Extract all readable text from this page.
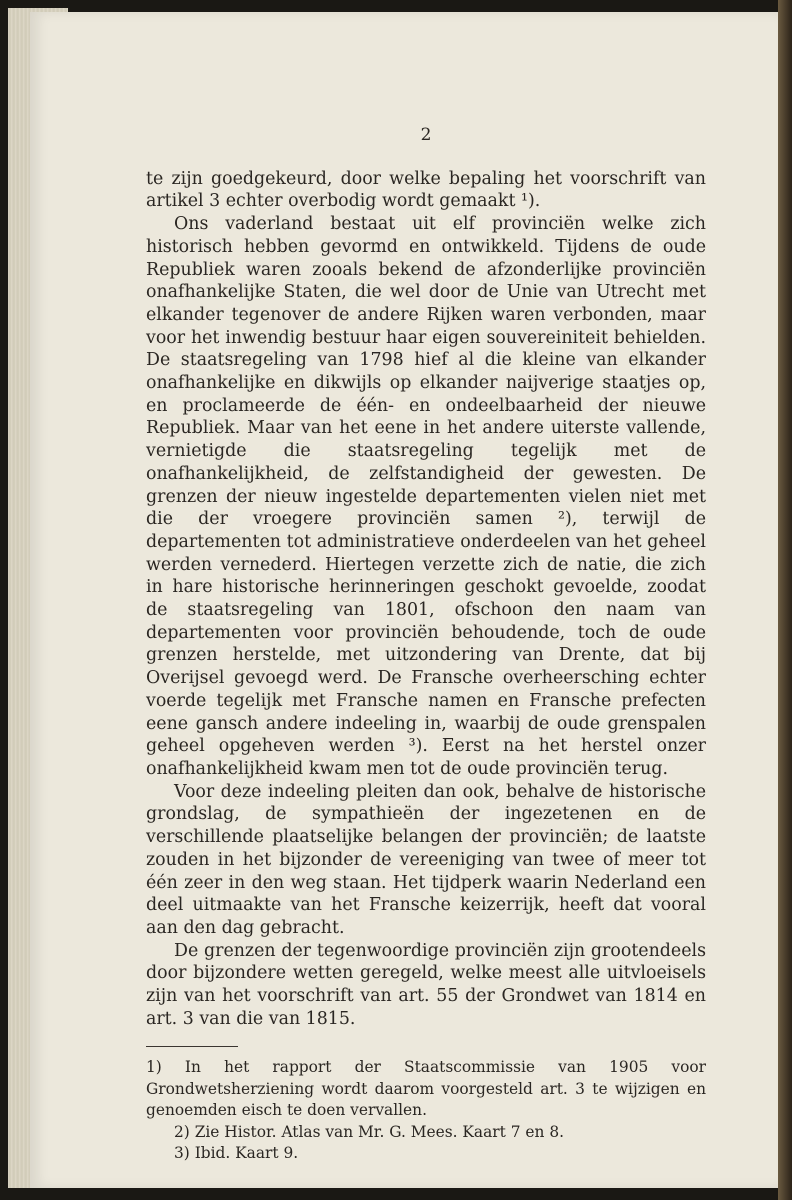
2

te zijn goedgekeurd, door welke bepaling het voorschrift van artikel 3 echter overbodig wordt gemaakt ¹).

Ons vaderland bestaat uit elf provinciën welke zich historisch hebben gevormd en ontwikkeld. Tijdens de oude Republiek waren zooals bekend de afzonderlijke provinciën onafhankelijke Staten, die wel door de Unie van Utrecht met elkander tegenover de andere Rijken waren verbonden, maar voor het inwendig bestuur haar eigen souvereiniteit behielden. De staatsregeling van 1798 hief al die kleine van elkander onafhankelijke en dikwijls op elkander naijverige staatjes op, en proclameerde de één- en ondeelbaarheid der nieuwe Republiek. Maar van het eene in het andere uiterste vallende, vernietigde die staatsregeling tegelijk met de onafhankelijkheid, de zelfstandigheid der gewesten. De grenzen der nieuw ingestelde departementen vielen niet met die der vroegere provinciën samen ²), terwijl de departementen tot administratieve onderdeelen van het geheel werden vernederd. Hiertegen verzette zich de natie, die zich in hare historische herinneringen geschokt gevoelde, zoodat de staatsregeling van 1801, ofschoon den naam van departementen voor provinciën behoudende, toch de oude grenzen herstelde, met uitzondering van Drente, dat bij Overijsel gevoegd werd. De Fransche overheersching echter voerde tegelijk met Fransche namen en Fransche prefecten eene gansch andere indeeling in, waarbij de oude grenspalen geheel opgeheven werden ³). Eerst na het herstel onzer onafhankelijkheid kwam men tot de oude provinciën terug.

Voor deze indeeling pleiten dan ook, behalve de historische grondslag, de sympathieën der ingezetenen en de verschillende plaatselijke belangen der provinciën; de laatste zouden in het bijzonder de vereeniging van twee of meer tot één zeer in den weg staan. Het tijdperk waarin Nederland een deel uitmaakte van het Fransche keizerrijk, heeft dat vooral aan den dag gebracht.

De grenzen der tegenwoordige provinciën zijn grootendeels door bijzondere wetten geregeld, welke meest alle uitvloeisels zijn van het voorschrift van art. 55 der Grondwet van 1814 en art. 3 van die van 1815.

1) In het rapport der Staatscommissie van 1905 voor Grondwetsherziening wordt daarom voorgesteld art. 3 te wijzigen en genoemden eisch te doen vervallen.

2) Zie Histor. Atlas van Mr. G. Mees. Kaart 7 en 8.

3) Ibid. Kaart 9.
